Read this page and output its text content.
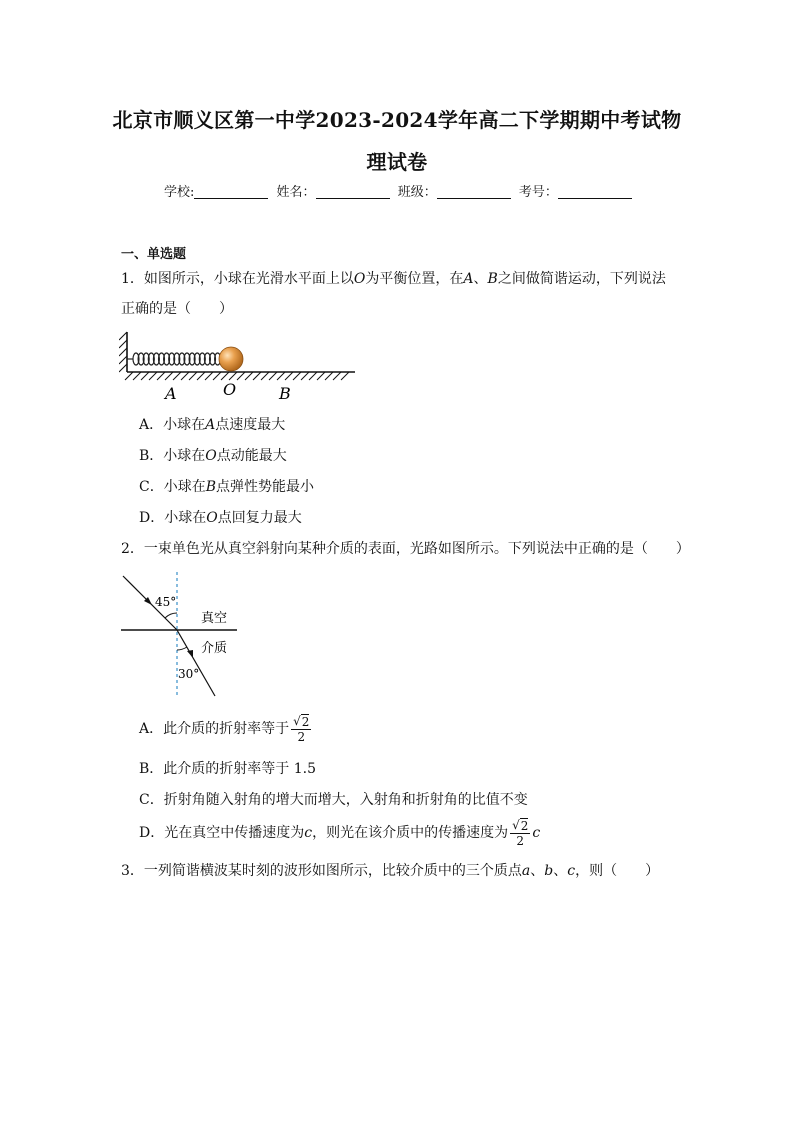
北京市顺义区第一中学2023-2024学年高二下学期期中考试物
理试卷
学校:	姓名：	班级：	考号：
一、单选题
1．如图所示，小球在光滑水平面上以O为平衡位置，在A、B之间做简谐运动，下列说法
正确的是（　　）
A	O	B
A．小球在A点速度最大
B．小球在O点动能最大
C．小球在B点弹性势能最小
D．小球在O点回复力最大
2．一束单色光从真空斜射向某种介质的表面，光路如图所示。下列说法中正确的是（　　）
45°
30°
真空
介质
A．此介质的折射率等于 $\frac{√ 2}{2}$
B．此介质的折射率等于 1.5
C．折射角随入射角的增大而增大，入射角和折射角的比值不变
D．光在真空中传播速度为c，则光在该介质中的传播速度为 $\frac{√ 2}{2}$ c
3．一列简谐横波某时刻的波形如图所示，比较介质中的三个质点a、b、c，则（　　）
